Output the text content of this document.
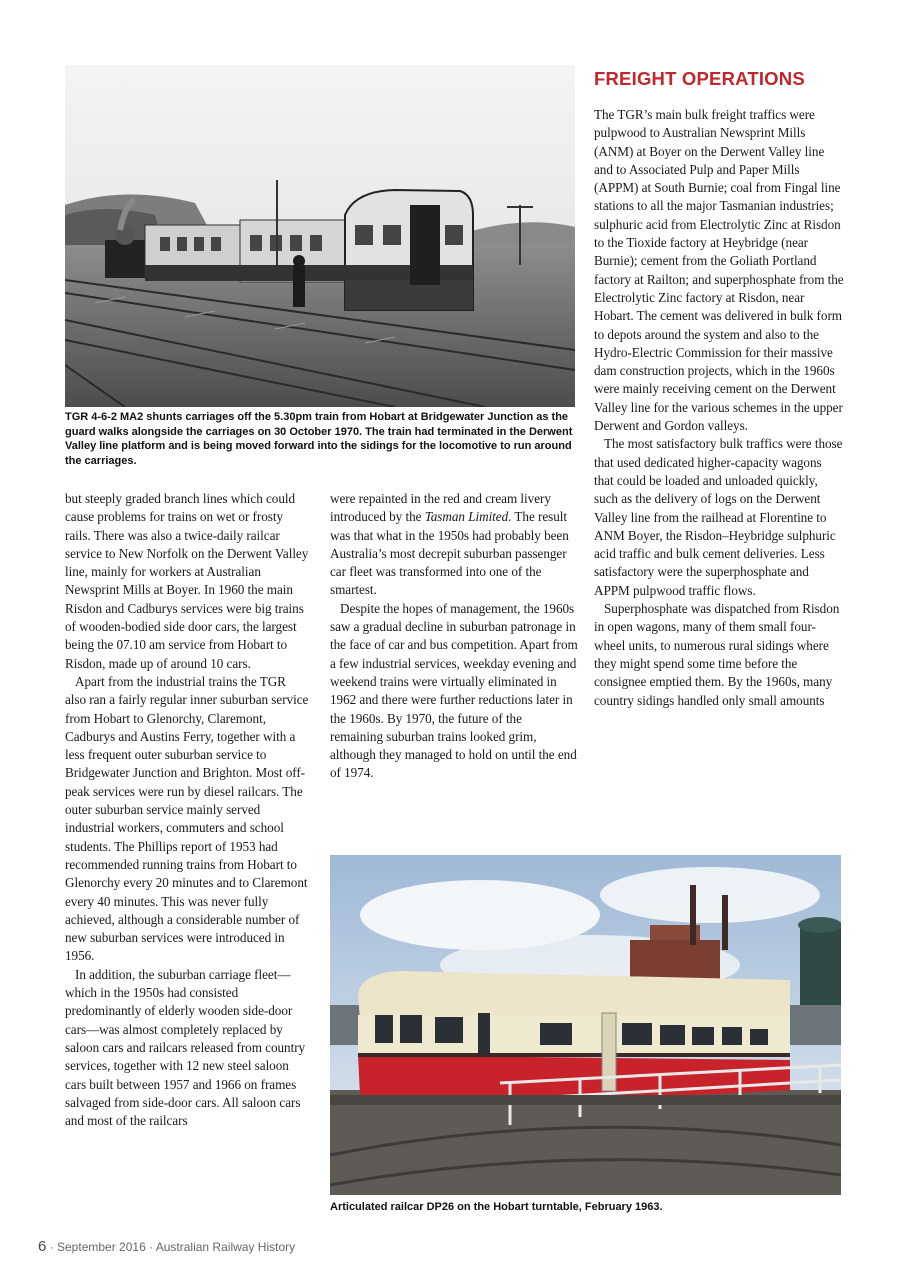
TGR 4-6-2 MA2 shunts carriages off the 5.30pm train from Hobart at Bridgewater Junction as the guard walks alongside the carriages on 30 October 1970. The train had terminated in the Derwent Valley line platform and is being moved forward into the sidings for the locomotive to run around the carriages.
FREIGHT OPERATIONS

The TGR’s main bulk freight traffics were pulpwood to Australian Newsprint Mills (ANM) at Boyer on the Derwent Valley line and to Associated Pulp and Paper Mills (APPM) at South Burnie; coal from Fingal line stations to all the major Tasmanian industries; sulphuric acid from Electrolytic Zinc at Risdon to the Tioxide factory at Heybridge (near Burnie); cement from the Goliath Portland factory at Railton; and superphosphate from the Electrolytic Zinc factory at Risdon, near Hobart. The cement was delivered in bulk form to depots around the system and also to the Hydro-Electric Commission for their massive dam construction projects, which in the 1960s were mainly receiving cement on the Derwent Valley line for the various schemes in the upper Derwent and Gordon valleys.

The most satisfactory bulk traffics were those that used dedicated higher-capacity wagons that could be loaded and unloaded quickly, such as the delivery of logs on the Derwent Valley line from the railhead at Florentine to ANM Boyer, the Risdon–Heybridge sulphuric acid traffic and bulk cement deliveries. Less satisfactory were the superphosphate and APPM pulpwood traffic flows.

Superphosphate was dispatched from Risdon in open wagons, many of them small four-wheel units, to numerous rural sidings where they might spend some time before the consignee emptied them. By the 1960s, many country sidings handled only small amounts

but steeply graded branch lines which could cause problems for trains on wet or frosty rails. There was also a twice-daily railcar service to New Norfolk on the Derwent Valley line, mainly for workers at Australian Newsprint Mills at Boyer. In 1960 the main Risdon and Cadburys services were big trains of wooden-bodied side door cars, the largest being the 07.10 am service from Hobart to Risdon, made up of around 10 cars.

Apart from the industrial trains the TGR also ran a fairly regular inner suburban service from Hobart to Glenorchy, Claremont, Cadburys and Austins Ferry, together with a less frequent outer suburban service to Bridgewater Junction and Brighton. Most off-peak services were run by diesel railcars. The outer suburban service mainly served industrial workers, commuters and school students. The Phillips report of 1953 had recommended running trains from Hobart to Glenorchy every 20 minutes and to Claremont every 40 minutes. This was never fully achieved, although a considerable number of new suburban services were introduced in 1956.

In addition, the suburban carriage fleet—which in the 1950s had consisted predominantly of elderly wooden side-door cars—was almost completely replaced by saloon cars and railcars released from country services, together with 12 new steel saloon cars built between 1957 and 1966 on frames salvaged from side-door cars. All saloon cars and most of the railcars

were repainted in the red and cream livery introduced by the Tasman Limited. The result was that what in the 1950s had probably been Australia’s most decrepit suburban passenger car fleet was transformed into one of the smartest.

Despite the hopes of management, the 1960s saw a gradual decline in suburban patronage in the face of car and bus competition. Apart from a few industrial services, weekday evening and weekend trains were virtually eliminated in 1962 and there were further reductions later in the 1960s. By 1970, the future of the remaining suburban trains looked grim, although they managed to hold on until the end of 1974.

Articulated railcar DP26 on the Hobart turntable, February 1963.
6 · September 2016 · Australian Railway History
